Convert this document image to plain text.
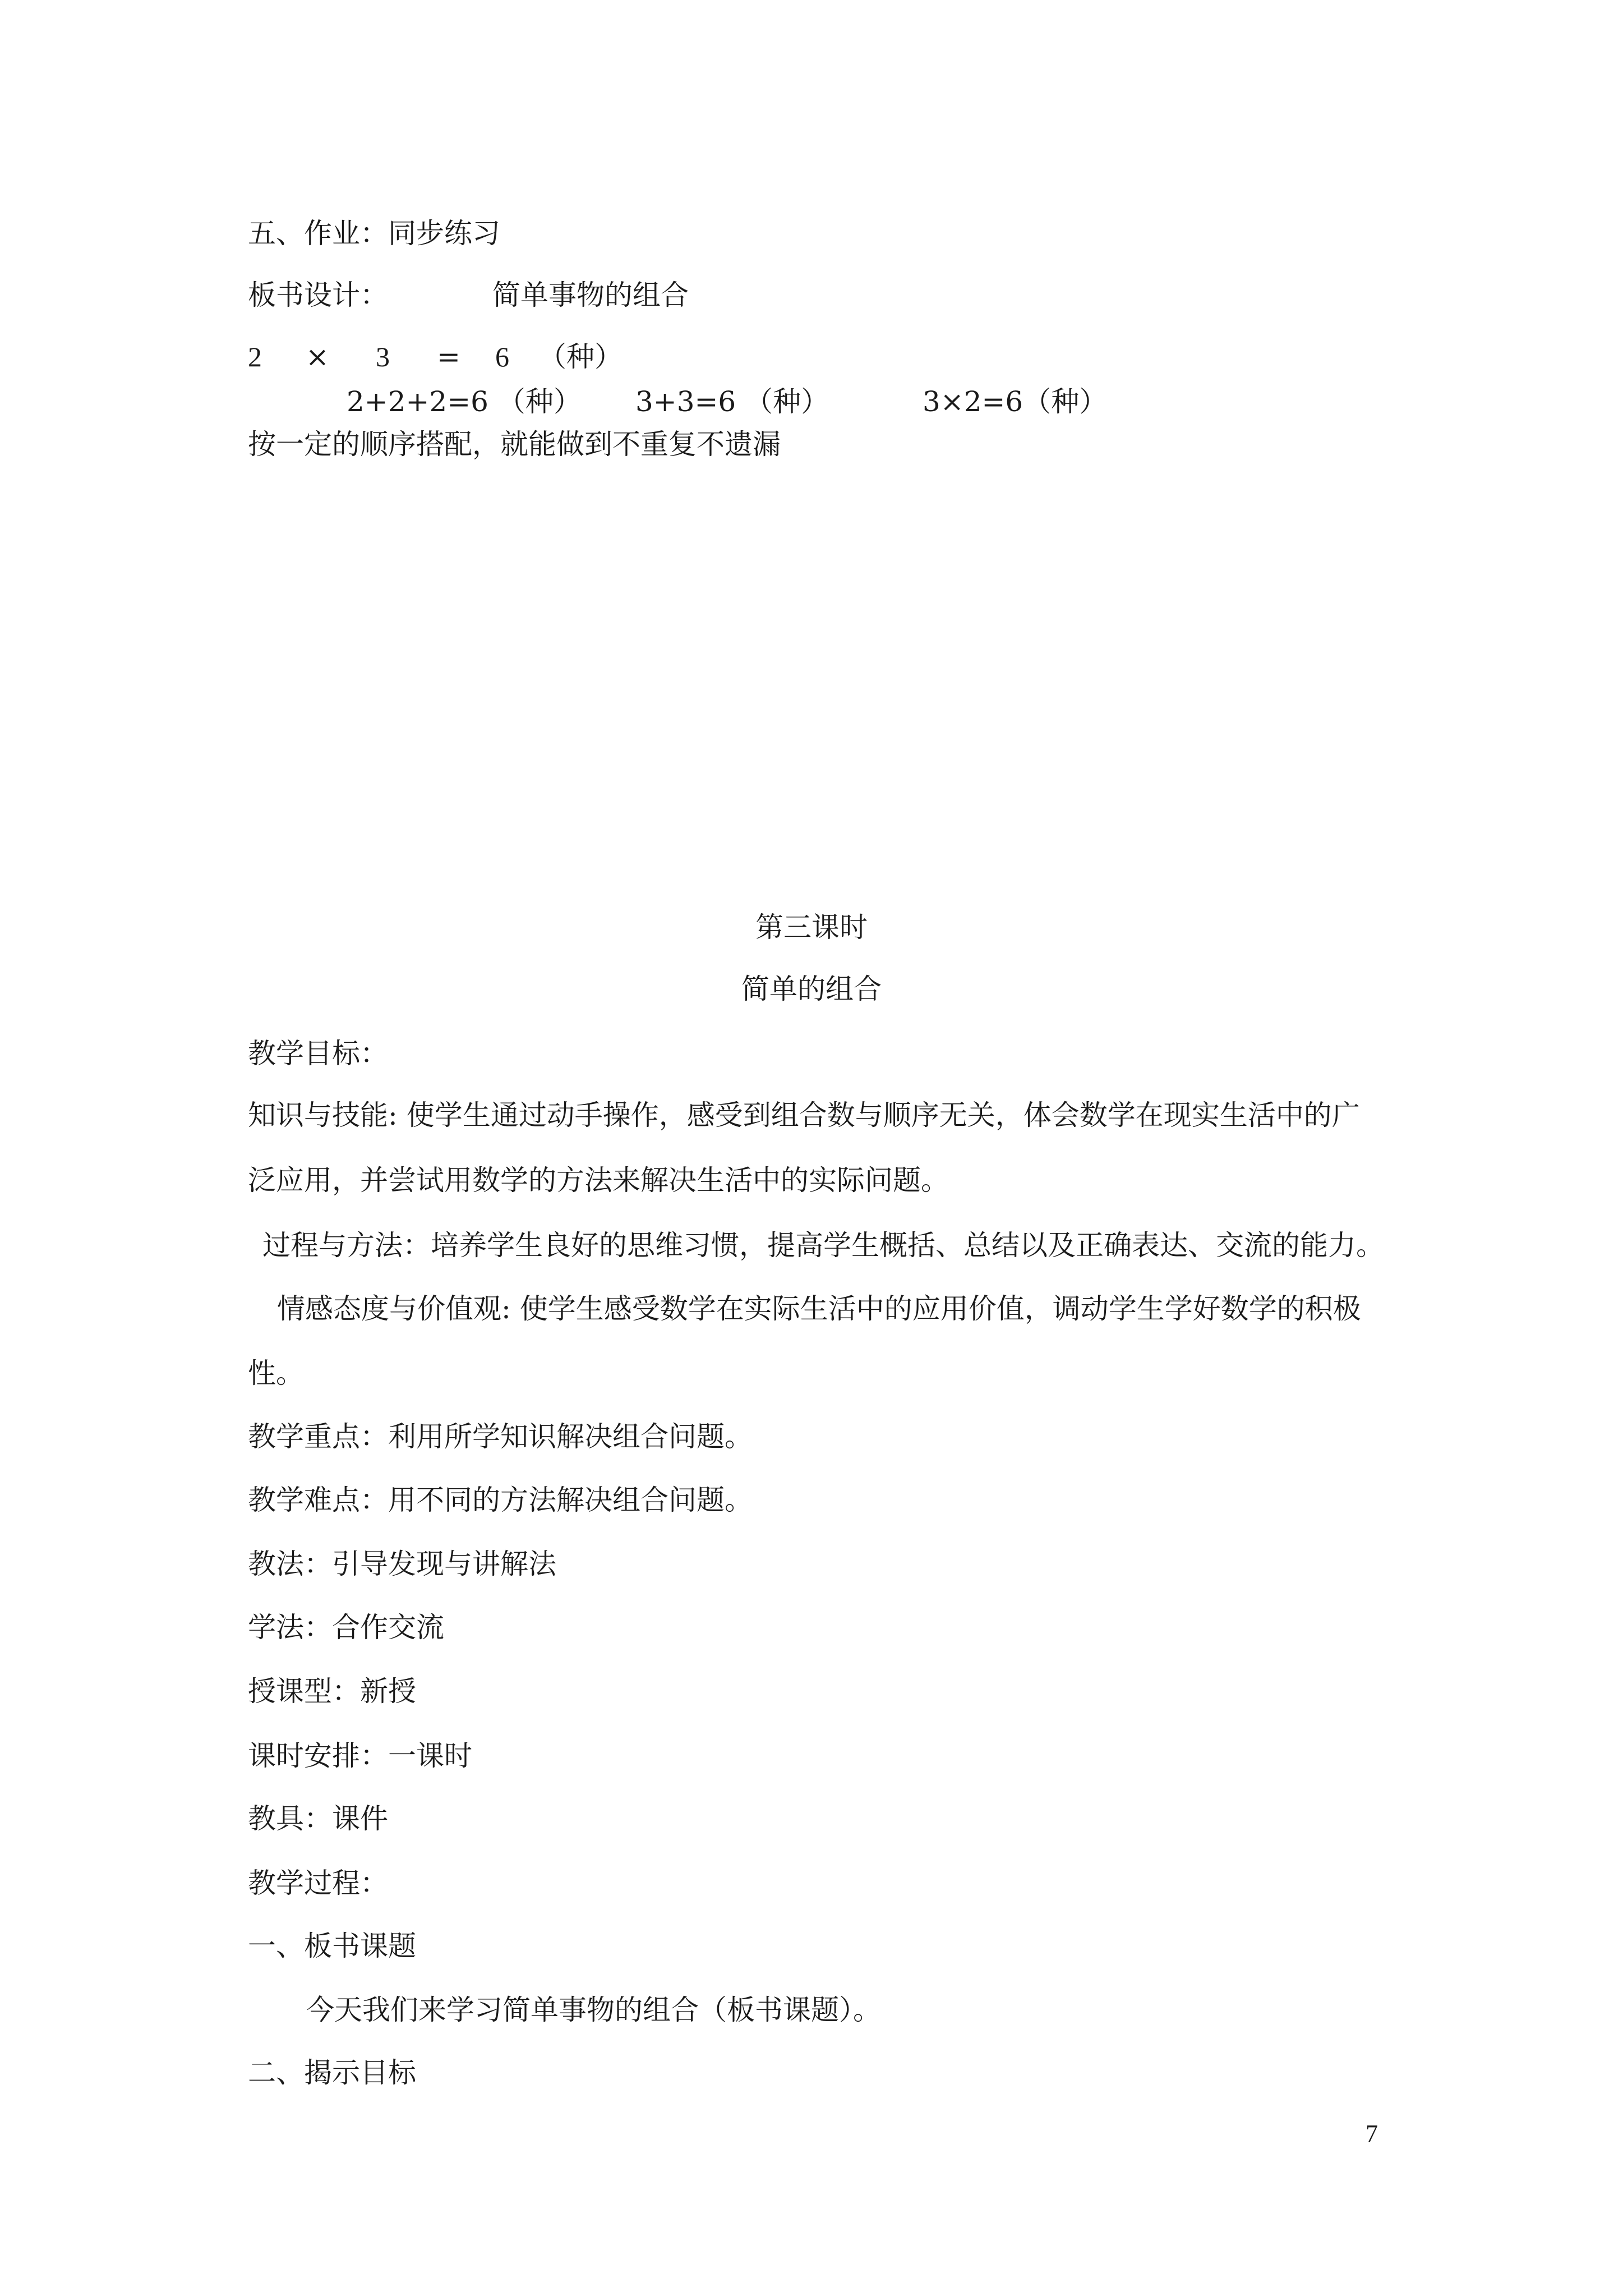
五、作业：同步练习
板书设计：	简单事物的组合
2 × 3 = 6 （种）
2+2+2=6 （种） 3+3=6 （种）	3×2=6（种）
按一定的顺序搭配，就能做到不重复不遗漏
第三课时
简单的组合
教学目标：
知识与技能: 使学生通过动手操作，感受到组合数与顺序无关，体会数学在现实生活中的广
泛应用，并尝试用数学的方法来解决生活中的实际问题。
过程与方法：培养学生良好的思维习惯，提高学生概括、总结以及正确表达、交流的能力。
情感态度与价值观: 使学生感受数学在实际生活中的应用价值，调动学生学好数学的积极
性。
教学重点：利用所学知识解决组合问题。
教学难点：用不同的方法解决组合问题。
教法：引导发现与讲解法
学法：合作交流
授课型：新授
课时安排：一课时
教具：课件
教学过程：
一、板书课题
今天我们来学习简单事物的组合（板书课题）。
二、揭示目标
7
